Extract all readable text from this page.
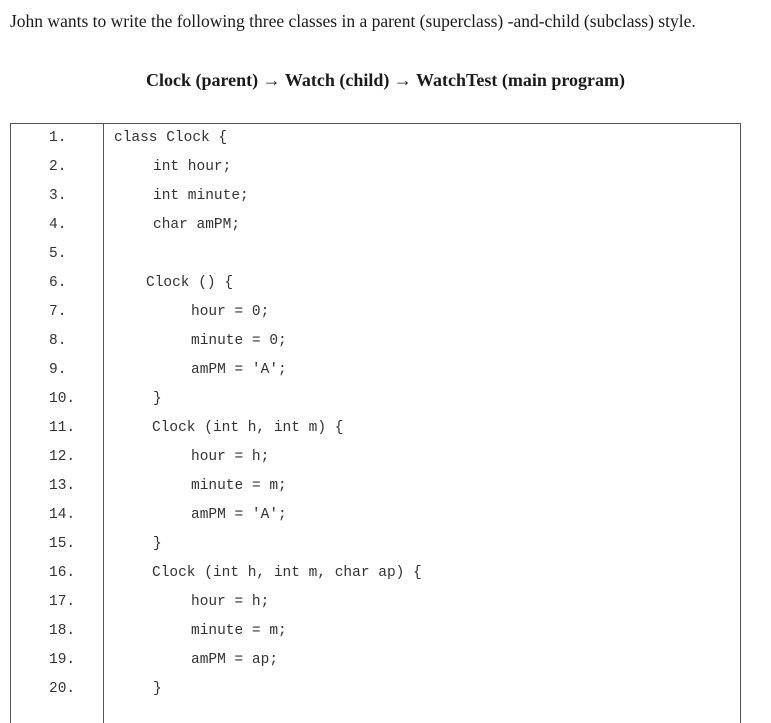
John wants to write the following three classes in a parent (superclass) -and-child (subclass) style.

Clock (parent) → Watch (child) → WatchTest (main program)

1.	class Clock {
2.	int hour;
3.	int minute;
4.	char amPM;
5.
6.	Clock () {
7.	hour = 0;
8.	minute = 0;
9.	amPM = 'A';
10.	}
11.	Clock (int h, int m) {
12.	hour = h;
13.	minute = m;
14.	amPM = 'A';
15.	}
16.	Clock (int h, int m, char ap) {
17.	hour = h;
18.	minute = m;
19.	amPM = ap;
20.	}
